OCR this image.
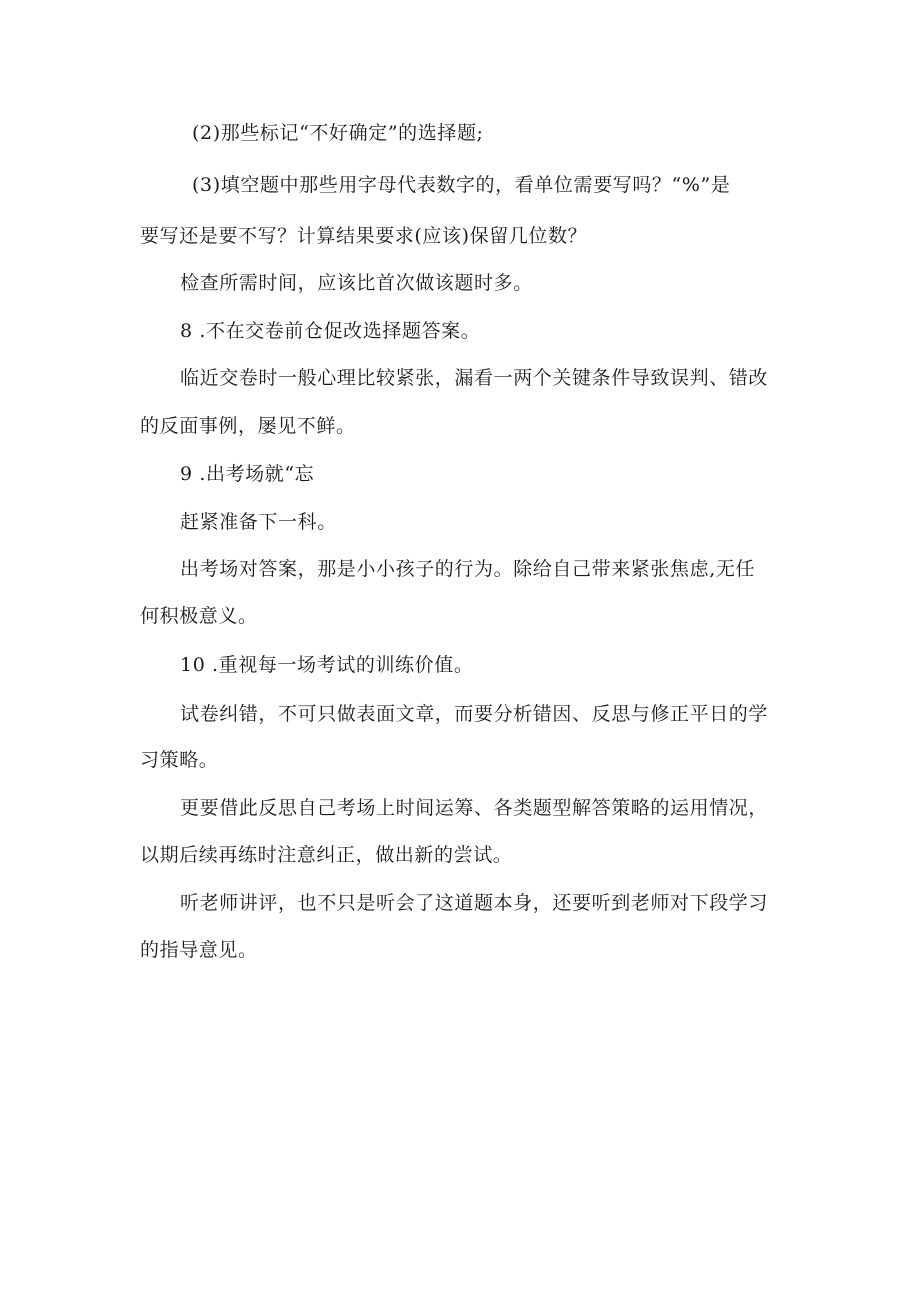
(2)那些标记“不好确定”的选择题;
(3)填空题中那些用字母代表数字的，看单位需要写吗？“%”是
要写还是要不写？计算结果要求(应该)保留几位数？
检查所需时间，应该比首次做该题时多。
8 .不在交卷前仓促改选择题答案。
临近交卷时一般心理比较紧张，漏看一两个关键条件导致误判、错改
的反面事例，屡见不鲜。
9 .出考场就“忘
赶紧准备下一科。
出考场对答案，那是小小孩子的行为。除给自己带来紧张焦虑,无任
何积极意义。
10 .重视每一场考试的训练价值。
试卷纠错，不可只做表面文章，而要分析错因、反思与修正平日的学
习策略。
更要借此反思自己考场上时间运筹、各类题型解答策略的运用情况，
以期后续再练时注意纠正，做出新的尝试。
听老师讲评，也不只是听会了这道题本身，还要听到老师对下段学习
的指导意见。
